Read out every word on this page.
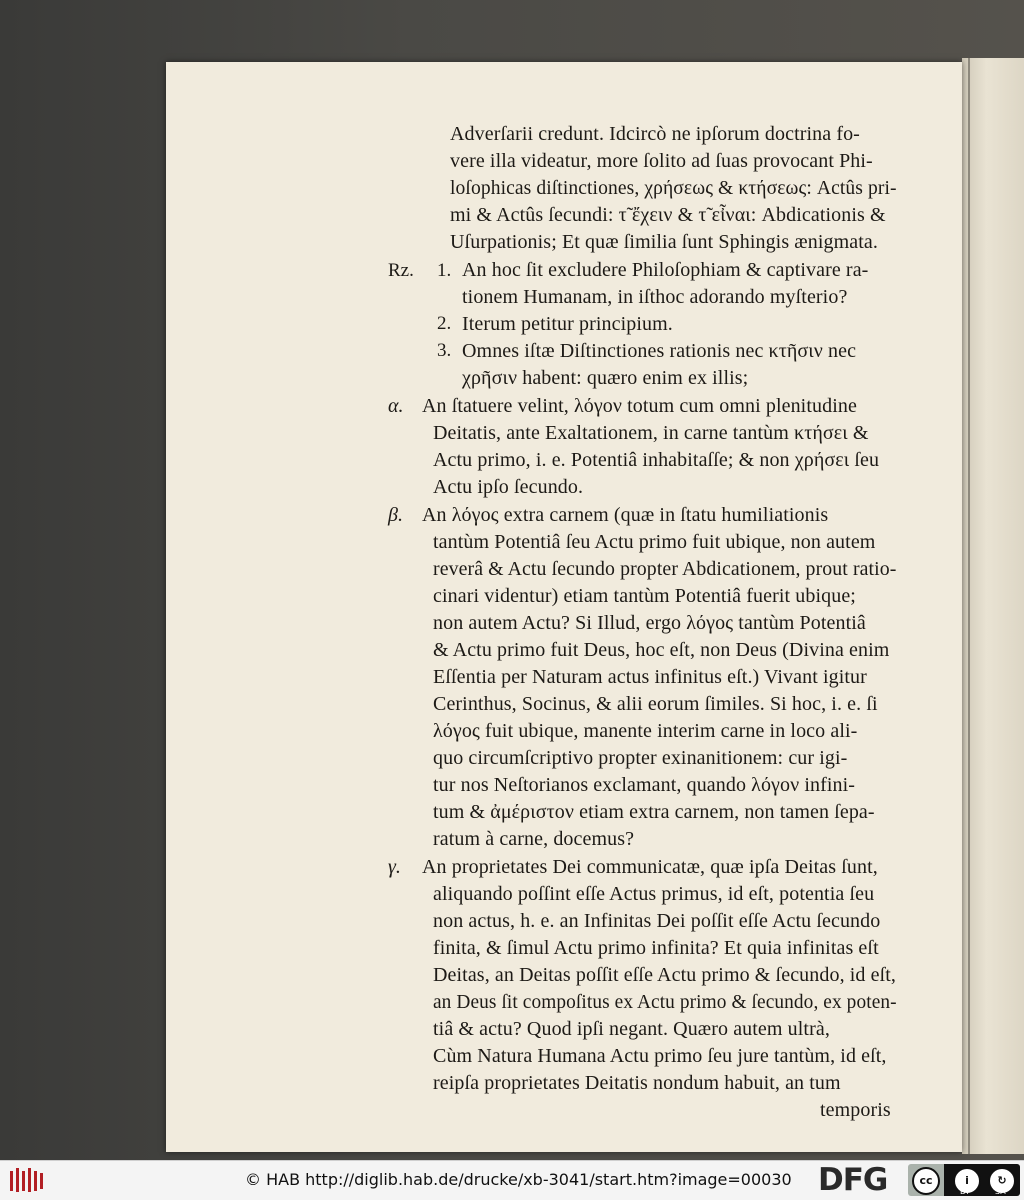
Adverſarii credunt. Idcircò ne ipſorum doctrina fo-
vere illa videatur, more ſolito ad ſuas provocant Phi-
loſophicas diſtinctiones, χρήσεως & κτήσεως: Actûs pri-
mi & Actûs ſecundi: τ̃ ἔχειν & τ̃ εἶναι: Abdicationis &
Uſurpationis; Et quæ ſimilia ſunt Sphingis ænigmata.
Rz. 1. An hoc ſit excludere Philoſophiam & captivare ra-
tionem Humanam, in iſthoc adorando myſterio?
2. Iterum petitur principium.
3. Omnes iſtæ Diſtinctiones rationis nec κτῆσιν nec
χρῆσιν habent: quæro enim ex illis;
α. An ſtatuere velint, λόγον totum cum omni plenitudine
Deitatis, ante Exaltationem, in carne tantùm κτήσει &
Actu primo, i. e. Potentiâ inhabitaſſe; & non χρήσει ſeu
Actu ipſo ſecundo.
β. An λόγος extra carnem (quæ in ſtatu humiliationis
tantùm Potentiâ ſeu Actu primo fuit ubique, non autem
reverâ & Actu ſecundo propter Abdicationem, prout ratio-
cinari videntur) etiam tantùm Potentiâ fuerit ubique;
non autem Actu? Si Illud, ergo λόγος tantùm Potentiâ
& Actu primo fuit Deus, hoc eſt, non Deus (Divina enim
Eſſentia per Naturam actus infinitus eſt.) Vivant igitur
Cerinthus, Socinus, & alii eorum ſimiles. Si hoc, i. e. ſi
λόγος fuit ubique, manente interim carne in loco ali-
quo circumſcriptivo propter exinanitionem: cur igi-
tur nos Neſtorianos exclamant, quando λόγον infini-
tum & ἀμέριστον etiam extra carnem, non tamen ſepa-
ratum à carne, docemus?
γ. An proprietates Dei communicatæ, quæ ipſa Deitas ſunt,
aliquando poſſint eſſe Actus primus, id eſt, potentia ſeu
non actus, h. e. an Infinitas Dei poſſit eſſe Actu ſecundo
finita, & ſimul Actu primo infinita? Et quia infinitas eſt
Deitas, an Deitas poſſit eſſe Actu primo & ſecundo, id eſt,
an Deus ſit compoſitus ex Actu primo & ſecundo, ex poten-
tiâ & actu? Quod ipſi negant. Quæro autem ultrà,
Cùm Natura Humana Actu primo ſeu jure tantùm, id eſt,
reipſa proprietates Deitatis nondum habuit, an tum
temporis
© HAB http://diglib.hab.de/drucke/xb-3041/start.htm?image=00030 DFG	cc	i	↻
BY	SA
